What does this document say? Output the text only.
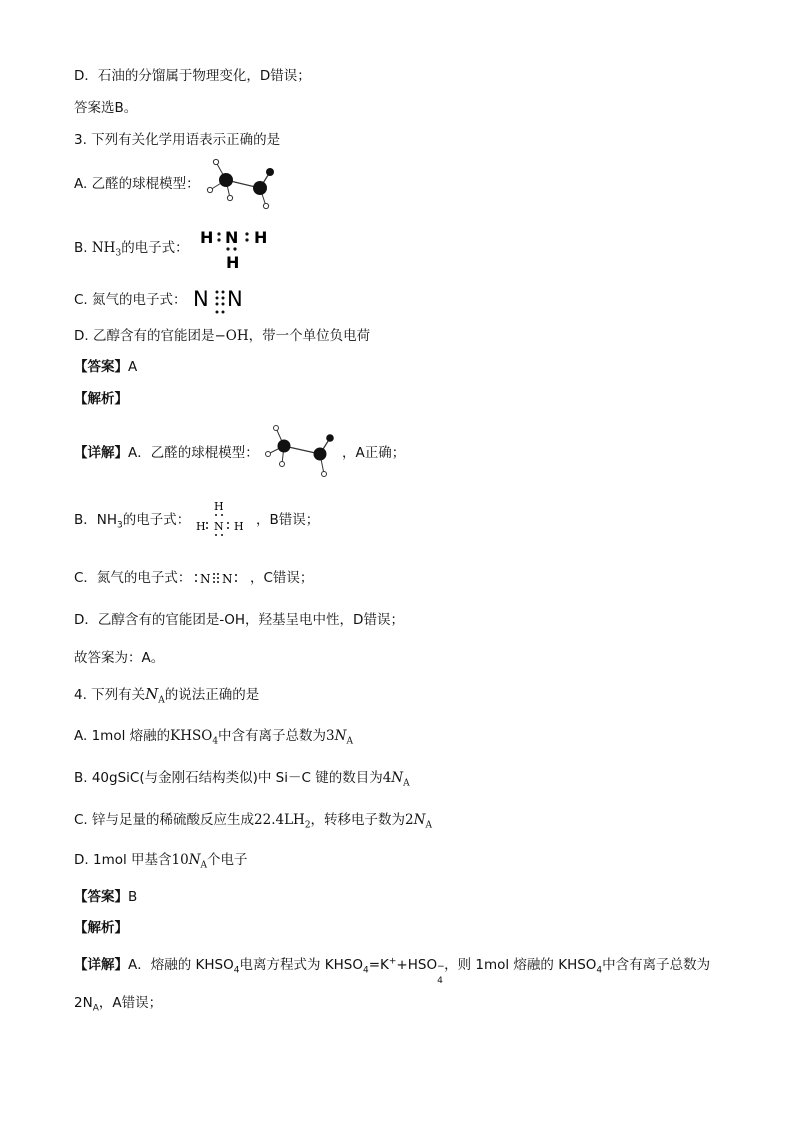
D．石油的分馏属于物理变化，D错误；
答案选B。
3. 下列有关化学用语表示正确的是
A. 乙醛的球棍模型：
B. $NH_3$的电子式：
H N H
H
C. 氮气的电子式： N N
D. 乙醇含有的官能团是−OH，带一个单位负电荷
【答案】A
【解析】
【详解】A．乙醛的球棍模型：	，A正确；
B．$NH_3$的电子式：
H
H N H ，B错误；
C．氮气的电子式： N N ，C错误；
D．乙醇含有的官能团是-OH，羟基呈电中性，D错误；
故答案为：A。
4. 下列有关$N_A$的说法正确的是
A. 1mol 熔融的$KHSO_4$中含有离子总数为$3N_A$
B. 40gSiC(与金刚石结构类似)中 Si－C 键的数目为$4N_A$
C. 锌与足量的稀硫酸反应生成$22.4LH_2$，转移电子数为$2N_A$
D. 1mol 甲基含$10N_A$个电子
【答案】B
【解析】
【详解】A．熔融的 $KHSO_4$电离方程式为 $KHSO_4=K^++HSO$ −
4
，则 1mol 熔融的 $KHSO_4$中含有离子总数为
$2N_A$，A错误；
